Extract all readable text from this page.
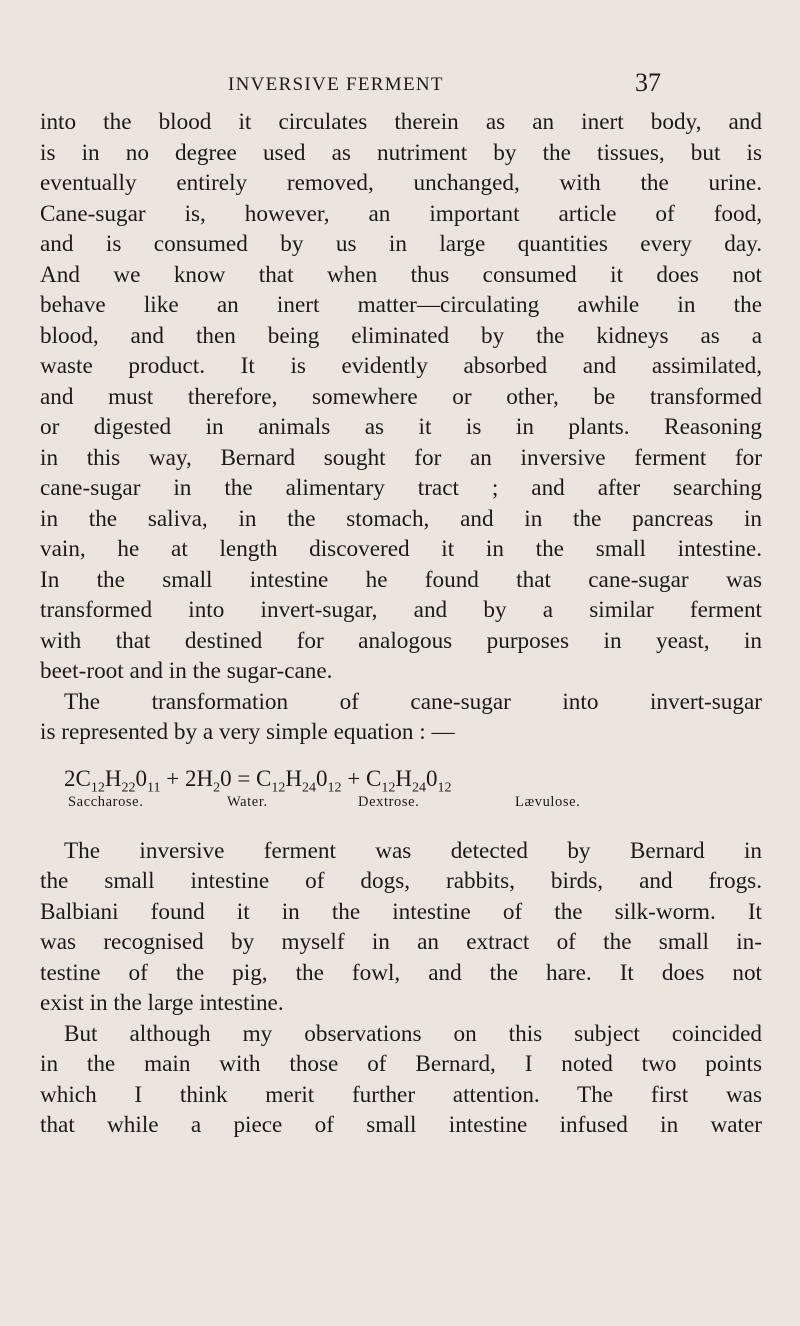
INVERSIVE FERMENT	37
into the blood it circulates therein as an inert body, and
is in no degree used as nutriment by the tissues, but is
eventually entirely removed, unchanged, with the urine.
Cane-sugar is, however, an important article of food,
and is consumed by us in large quantities every day.
And we know that when thus consumed it does not
behave like an inert matter—circulating awhile in the
blood, and then being eliminated by the kidneys as a
waste product. It is evidently absorbed and assimilated,
and must therefore, somewhere or other, be transformed
or digested in animals as it is in plants. Reasoning
in this way, Bernard sought for an inversive ferment for
cane-sugar in the alimentary tract ; and after searching
in the saliva, in the stomach, and in the pancreas in
vain, he at length discovered it in the small intestine.
In the small intestine he found that cane-sugar was
transformed into invert-sugar, and by a similar ferment
with that destined for analogous purposes in yeast, in
beet-root and in the sugar-cane.
The transformation of cane-sugar into invert-sugar
is represented by a very simple equation : —
$2C_{12}H_{22}0_{11} + 2H_20 = C_{12}H_{24}0_{12} + C_{12}H_{24}0_{12}$
Saccharose.	Water.	Dextrose.	Lævulose.
The inversive ferment was detected by Bernard in
the small intestine of dogs, rabbits, birds, and frogs.
Balbiani found it in the intestine of the silk-worm. It
was recognised by myself in an extract of the small in-
testine of the pig, the fowl, and the hare. It does not
exist in the large intestine.
But although my observations on this subject coincided
in the main with those of Bernard, I noted two points
which I think merit further attention. The first was
that while a piece of small intestine infused in water
